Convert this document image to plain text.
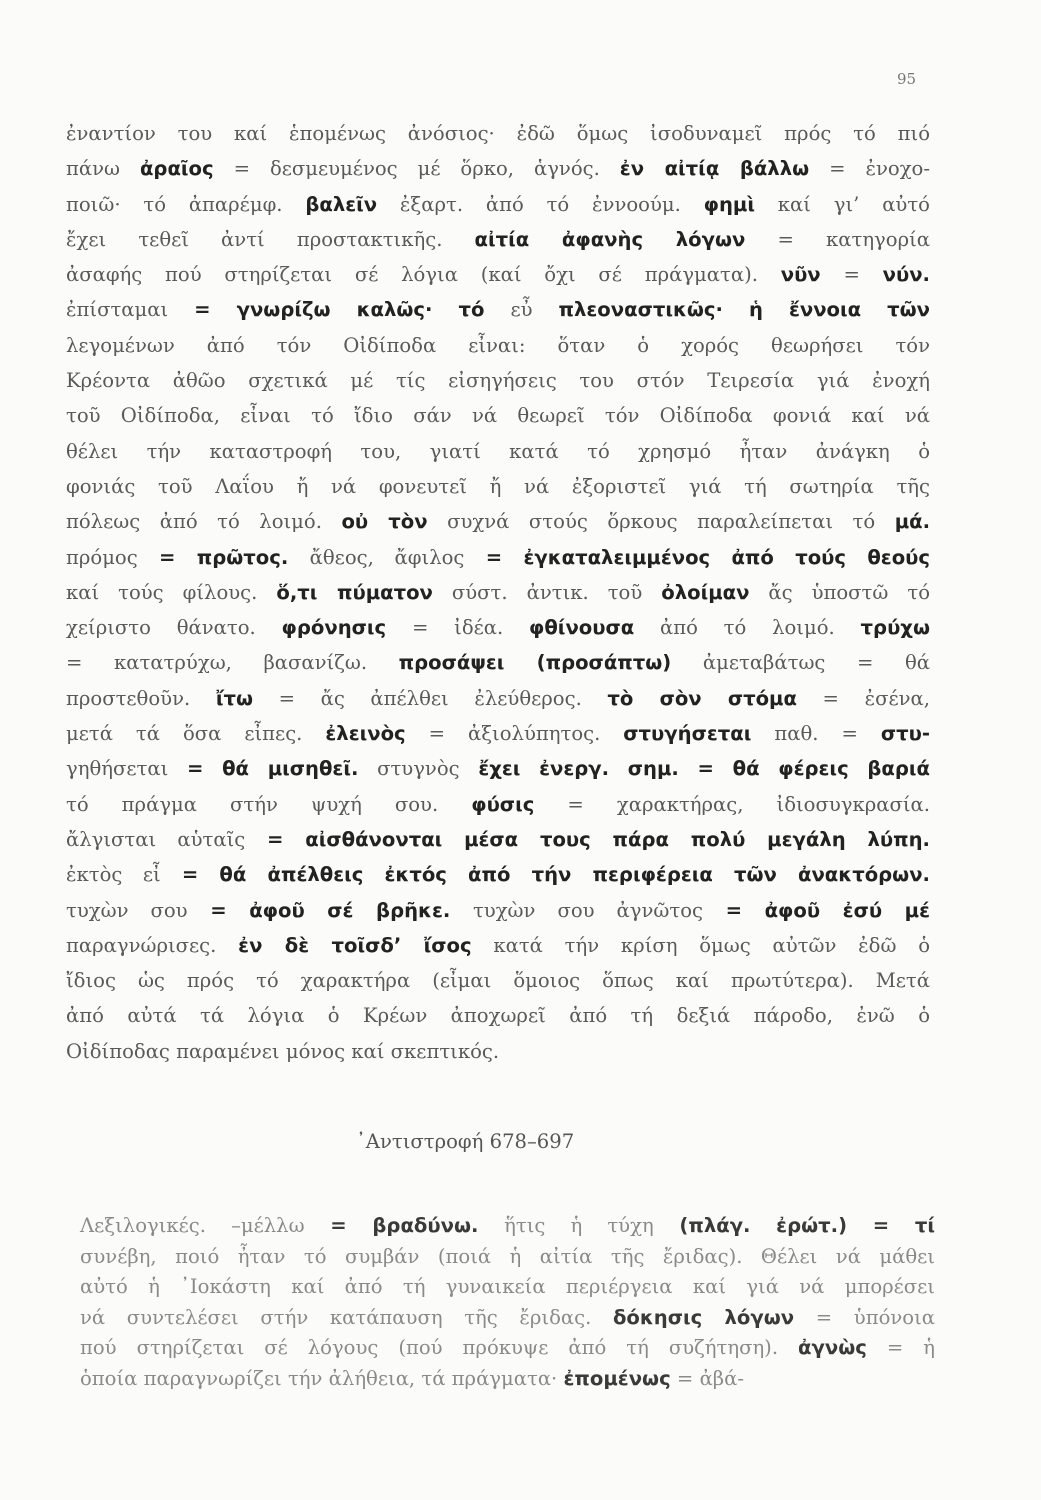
95
ἐναντίον του καί ἑπομένως ἀνόσιος· ἐδῶ ὅμως ἰσοδυναμεῖ πρός τό πιό
πάνω ἀραῖος = δεσμευμένος μέ ὅρκο, ἁγνός. ἐν αἰτίᾳ βάλλω = ἐνοχο-
ποιῶ· τό ἀπαρέμφ. βαλεῖν ἐξαρτ. ἀπό τό ἐννοούμ. φημὶ καί γι’ αὐτό
ἔχει τεθεῖ ἀντί προστακτικῆς. αἰτία ἀφανὴς λόγων = κατηγορία
ἀσαφής πού στηρίζεται σέ λόγια (καί ὄχι σέ πράγματα). νῦν = νύν.
ἐπίσταμαι = γνωρίζω καλῶς· τό εὖ πλεοναστικῶς· ἡ ἔννοια τῶν
λεγομένων ἀπό τόν Οἰδίποδα εἶναι: ὅταν ὁ χορός θεωρήσει τόν
Κρέοντα ἀθῶο σχετικά μέ τίς εἰσηγήσεις του στόν Τειρεσία γιά ἐνοχή
τοῦ Οἰδίποδα, εἶναι τό ἴδιο σάν νά θεωρεῖ τόν Οἰδίποδα φονιά καί νά
θέλει τήν καταστροφή του, γιατί κατά τό χρησμό ἦταν ἀνάγκη ὁ
φονιάς τοῦ Λαΐου ἤ νά φονευτεῖ ἤ νά ἐξοριστεῖ γιά τή σωτηρία τῆς
πόλεως ἀπό τό λοιμό. οὐ τὸν συχνά στούς ὅρκους παραλείπεται τό μά.
πρόμος = πρῶτος. ἄθεος, ἄφιλος = ἐγκαταλειμμένος ἀπό τούς θεούς
καί τούς φίλους. ὅ,τι πύματον σύστ. ἀντικ. τοῦ ὀλοίμαν ἄς ὑποστῶ τό
χείριστο θάνατο. φρόνησις = ἰδέα. φθίνουσα ἀπό τό λοιμό. τρύχω
= κατατρύχω, βασανίζω. προσάψει (προσάπτω) ἀμεταβάτως = θά
προστεθοῦν. ἴτω = ἄς ἀπέλθει ἐλεύθερος. τὸ σὸν στόμα = ἐσένα,
μετά τά ὅσα εἶπες. ἐλεινὸς = ἀξιολύπητος. στυγήσεται παθ. = στυ-
γηθήσεται = θά μισηθεῖ. στυγνὸς ἔχει ἐνεργ. σημ. = θά φέρεις βαριά
τό πράγμα στήν ψυχή σου. φύσις = χαρακτήρας, ἰδιοσυγκρασία.
ἄλγισται αὑταῖς = αἰσθάνονται μέσα τους πάρα πολύ μεγάλη λύπη.
ἐκτὸς εἶ = θά ἀπέλθεις ἐκτός ἀπό τήν περιφέρεια τῶν ἀνακτόρων.
τυχὼν σου = ἀφοῦ σέ βρῆκε. τυχὼν σου ἀγνῶτος = ἀφοῦ ἐσύ μέ
παραγνώρισες. ἐν δὲ τοῖσδ’ ἴσος κατά τήν κρίση ὅμως αὐτῶν ἐδῶ ὁ
ἴδιος ὡς πρός τό χαρακτήρα (εἶμαι ὅμοιος ὅπως καί πρωτύτερα). Μετά
ἀπό αὐτά τά λόγια ὁ Κρέων ἀποχωρεῖ ἀπό τή δεξιά πάροδο, ἐνῶ ὁ
Οἰδίποδας παραμένει μόνος καί σκεπτικός.
᾽Αντιστροφή 678–697
Λεξιλογικές. –μέλλω = βραδύνω. ἥτις ἡ τύχη (πλάγ. ἐρώτ.) = τί
συνέβη, ποιό ἦταν τό συμβάν (ποιά ἡ αἰτία τῆς ἔριδας). Θέλει νά μάθει
αὐτό ἡ ᾽Ιοκάστη καί ἀπό τή γυναικεία περιέργεια καί γιά νά μπορέσει
νά συντελέσει στήν κατάπαυση τῆς ἔριδας. δόκησις λόγων = ὑπόνοια
πού στηρίζεται σέ λόγους (πού πρόκυψε ἀπό τή συζήτηση). ἀγνὼς = ἡ
ὁποία παραγνωρίζει τήν ἀλήθεια, τά πράγματα· ἐπομένως = ἀβά-
